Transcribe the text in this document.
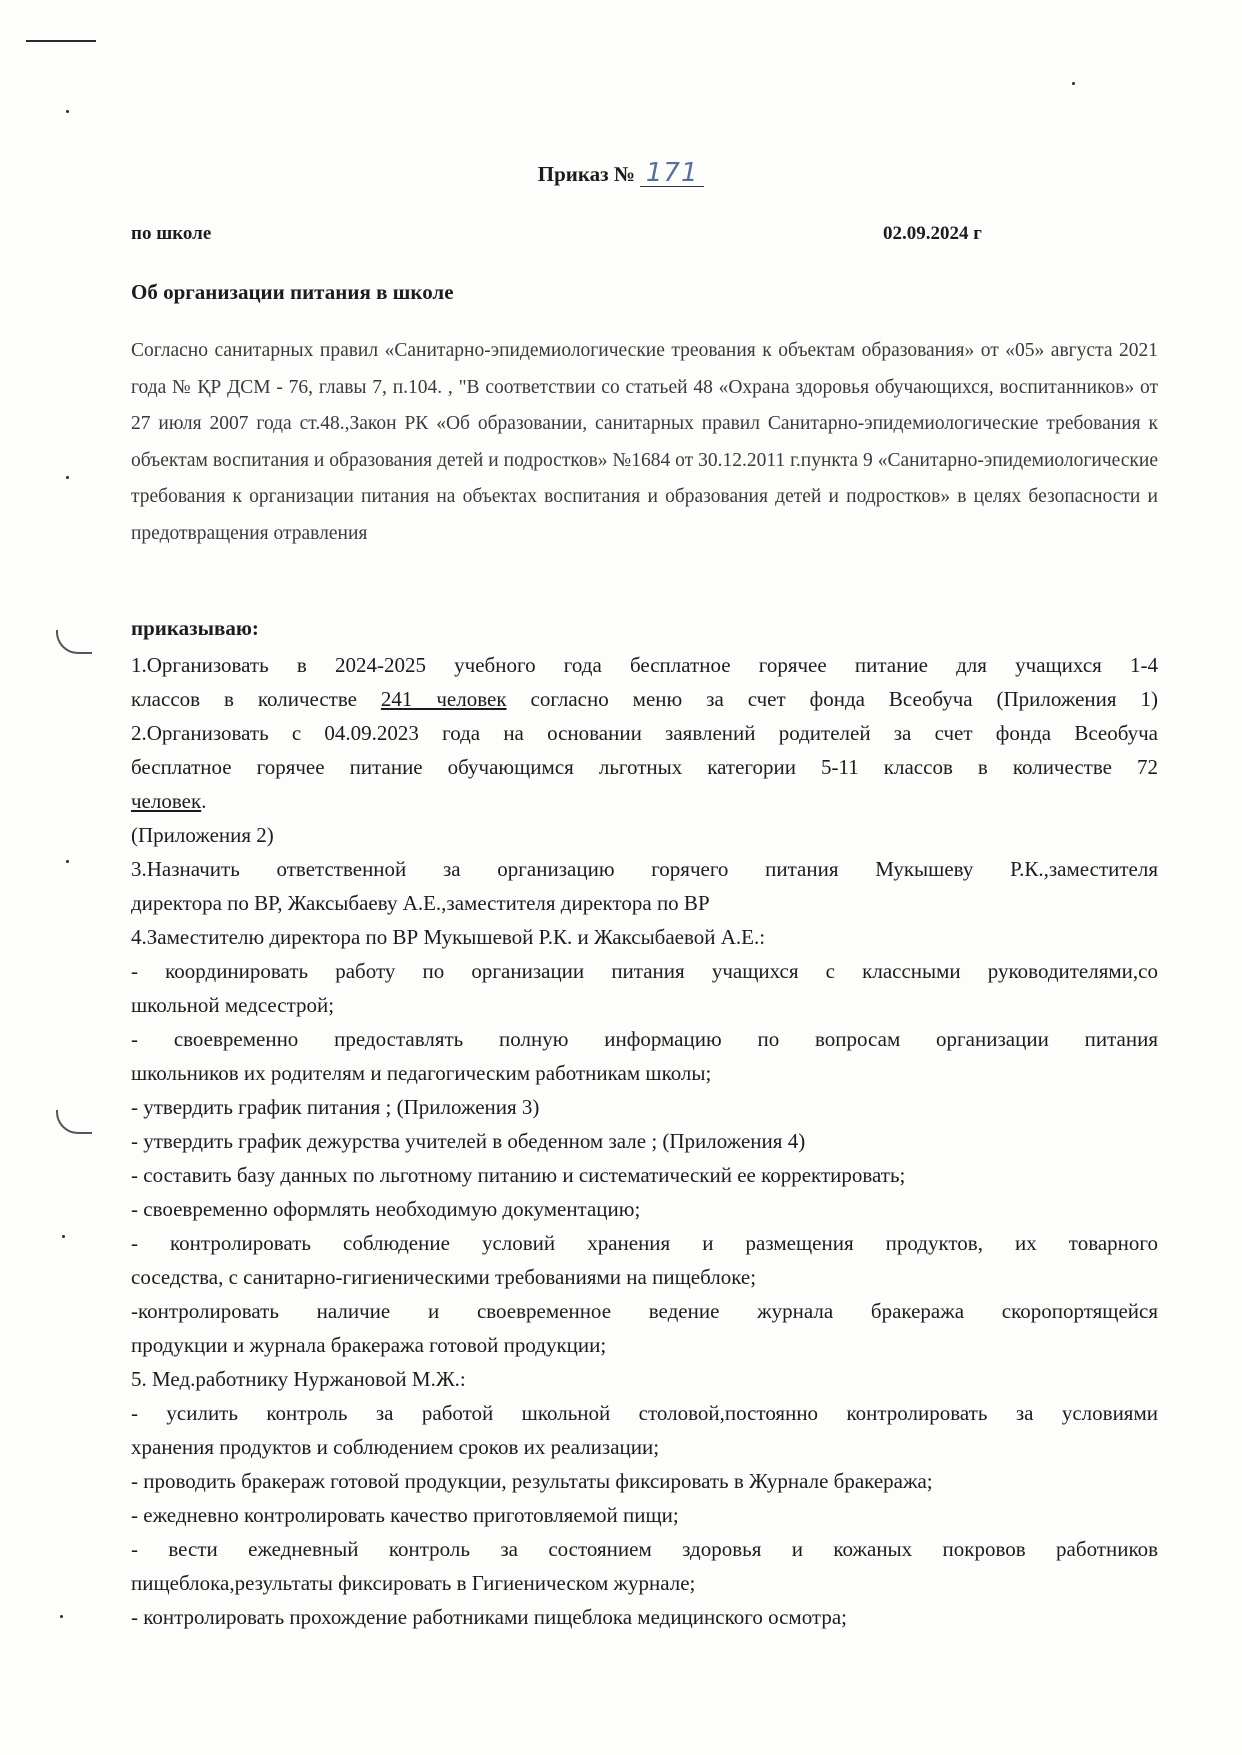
Приказ № 171
по школе	02.09.2024 г
Об организации питания в школе
Согласно санитарных правил «Санитарно-эпидемиологические треования к объектам образования» от «05» августа 2021 года № ҚР ДСМ - 76, главы 7, п.104. , "В соответствии со статьей 48 «Охрана здоровья обучающихся, воспитанников» от 27 июля 2007 года ст.48.,Закон РК «Об образовании, санитарных правил Санитарно-эпидемиологические требования к объектам воспитания и образования детей и подростков» №1684 от 30.12.2011 г.пункта 9 «Санитарно-эпидемиологические требования к организации питания на объектах воспитания и образования детей и подростков» в целях безопасности и предотвращения отравления
приказываю:
1.Организовать в 2024-2025 учебного года бесплатное горячее питание для учащихся 1-4
классов в количестве 241 человек согласно меню за счет фонда Всеобуча (Приложения 1)
2.Организовать с 04.09.2023 года на основании заявлений родителей за счет фонда Всеобуча
бесплатное горячее питание обучающимся льготных категории 5-11 классов в количестве 72
человек.
(Приложения 2)
3.Назначить ответственной за организацию горячего питания Мукышеву Р.К.,заместителя
директора по ВР, Жаксыбаеву А.Е.,заместителя директора по ВР
4.Заместителю директора по ВР Мукышевой Р.К. и Жаксыбаевой А.Е.:
- координировать работу по организации питания учащихся с классными руководителями,со
школьной медсестрой;
- своевременно предоставлять полную информацию по вопросам организации питания
школьников их родителям и педагогическим работникам школы;
- утвердить график питания ; (Приложения 3)
- утвердить график дежурства учителей в обеденном зале ; (Приложения 4)
- составить базу данных по льготному питанию и систематический ее корректировать;
- своевременно оформлять необходимую документацию;
- контролировать соблюдение условий хранения и размещения продуктов, их товарного
соседства, с санитарно-гигиеническими требованиями на пищеблоке;
-контролировать наличие и своевременное ведение журнала бракеража скоропортящейся
продукции и журнала бракеража готовой продукции;
5. Мед.работнику Нуржановой М.Ж.:
- усилить контроль за работой школьной столовой,постоянно контролировать за условиями
хранения продуктов и соблюдением сроков их реализации;
- проводить бракераж готовой продукции, результаты фиксировать в Журнале бракеража;
- ежедневно контролировать качество приготовляемой пищи;
- вести ежедневный контроль за состоянием здоровья и кожаных покровов работников
пищеблока,результаты фиксировать в Гигиеническом журнале;
- контролировать прохождение работниками пищеблока медицинского осмотра;
